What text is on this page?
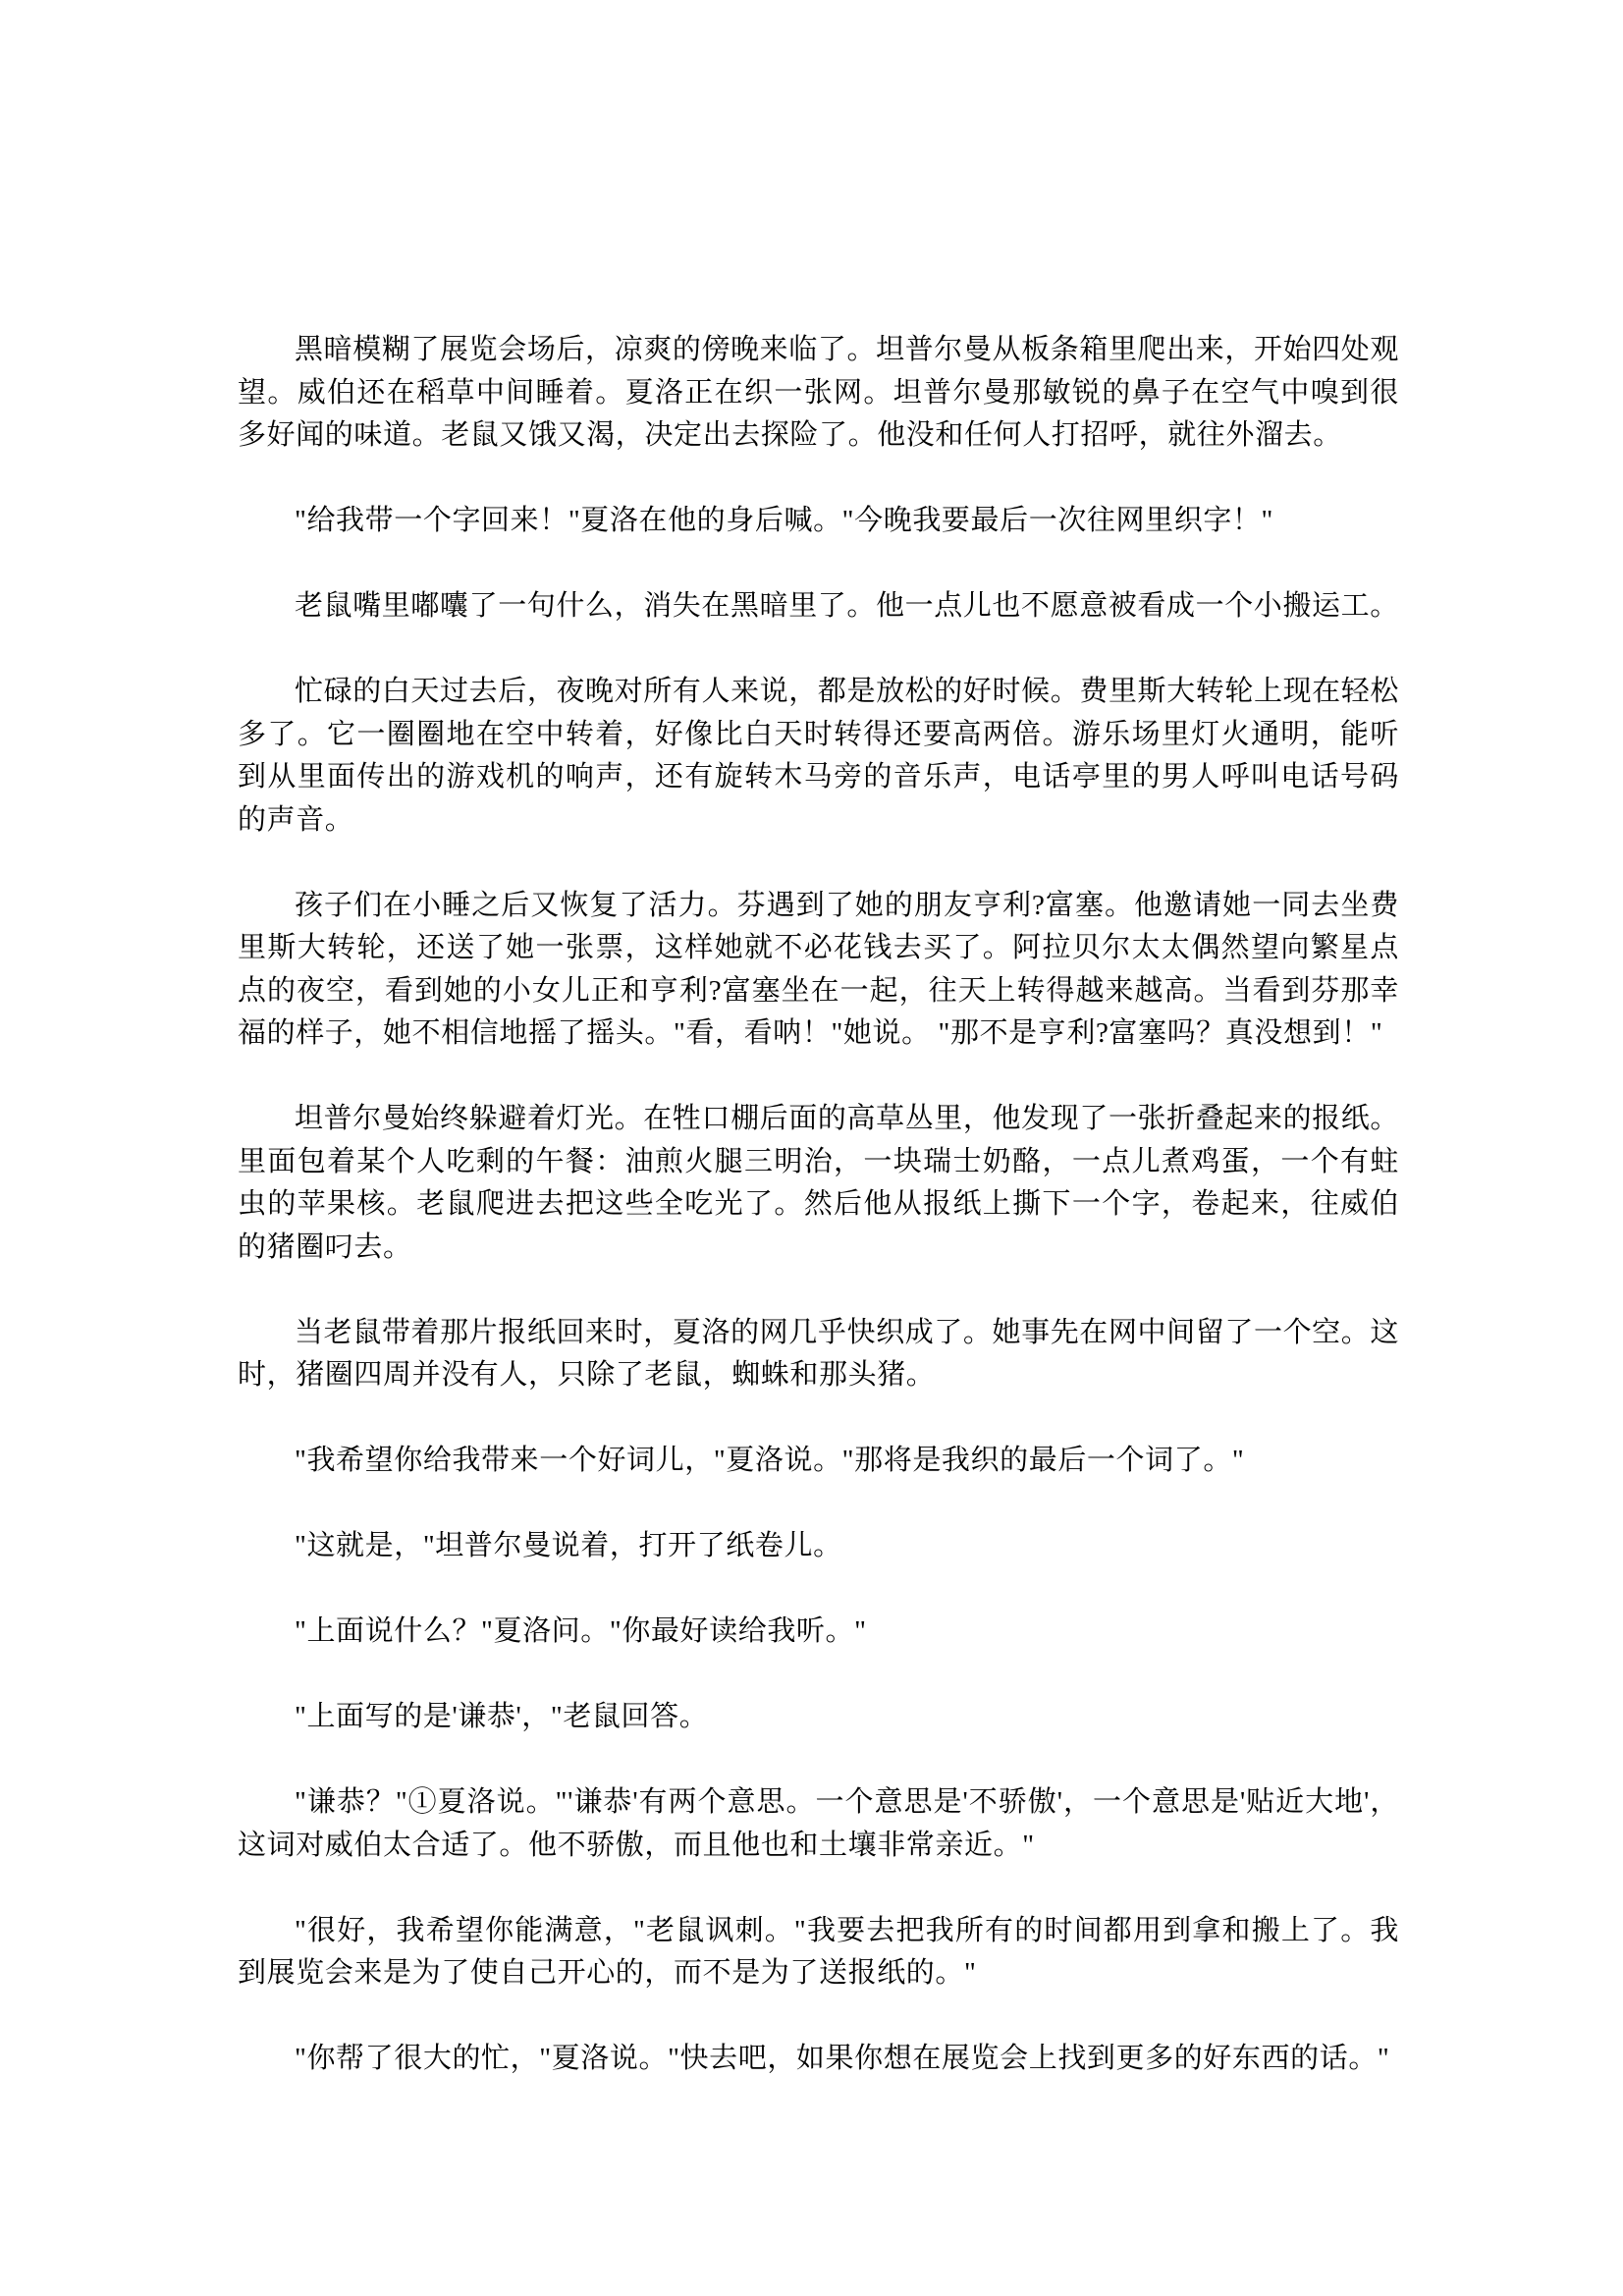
黑暗模糊了展览会场后，凉爽的傍晚来临了。坦普尔曼从板条箱里爬出来，开始四处观望。威伯还在稻草中间睡着。夏洛正在织一张网。坦普尔曼那敏锐的鼻子在空气中嗅到很多好闻的味道。老鼠又饿又渴，决定出去探险了。他没和任何人打招呼，就往外溜去。

"给我带一个字回来！"夏洛在他的身后喊。"今晚我要最后一次往网里织字！"

老鼠嘴里嘟囔了一句什么，消失在黑暗里了。他一点儿也不愿意被看成一个小搬运工。

忙碌的白天过去后，夜晚对所有人来说，都是放松的好时候。费里斯大转轮上现在轻松多了。它一圈圈地在空中转着，好像比白天时转得还要高两倍。游乐场里灯火通明，能听到从里面传出的游戏机的响声，还有旋转木马旁的音乐声，电话亭里的男人呼叫电话号码的声音。

孩子们在小睡之后又恢复了活力。芬遇到了她的朋友亨利?富塞。他邀请她一同去坐费里斯大转轮，还送了她一张票，这样她就不必花钱去买了。阿拉贝尔太太偶然望向繁星点点的夜空，看到她的小女儿正和亨利?富塞坐在一起，往天上转得越来越高。当看到芬那幸福的样子，她不相信地摇了摇头。"看，看呐！"她说。 "那不是亨利?富塞吗？真没想到！"

坦普尔曼始终躲避着灯光。在牲口棚后面的高草丛里，他发现了一张折叠起来的报纸。里面包着某个人吃剩的午餐：油煎火腿三明治，一块瑞士奶酪，一点儿煮鸡蛋，一个有蛀虫的苹果核。老鼠爬进去把这些全吃光了。然后他从报纸上撕下一个字，卷起来，往威伯的猪圈叼去。

当老鼠带着那片报纸回来时，夏洛的网几乎快织成了。她事先在网中间留了一个空。这时，猪圈四周并没有人，只除了老鼠，蜘蛛和那头猪。

"我希望你给我带来一个好词儿，"夏洛说。"那将是我织的最后一个词了。"

"这就是，"坦普尔曼说着，打开了纸卷儿。

"上面说什么？"夏洛问。"你最好读给我听。"

"上面写的是'谦恭'，"老鼠回答。

"谦恭？"①夏洛说。"'谦恭'有两个意思。一个意思是'不骄傲'，一个意思是'贴近大地'，这词对威伯太合适了。他不骄傲，而且他也和土壤非常亲近。"

"很好，我希望你能满意，"老鼠讽刺。"我要去把我所有的时间都用到拿和搬上了。我到展览会来是为了使自己开心的，而不是为了送报纸的。"

"你帮了很大的忙，"夏洛说。"快去吧，如果你想在展览会上找到更多的好东西的话。"
